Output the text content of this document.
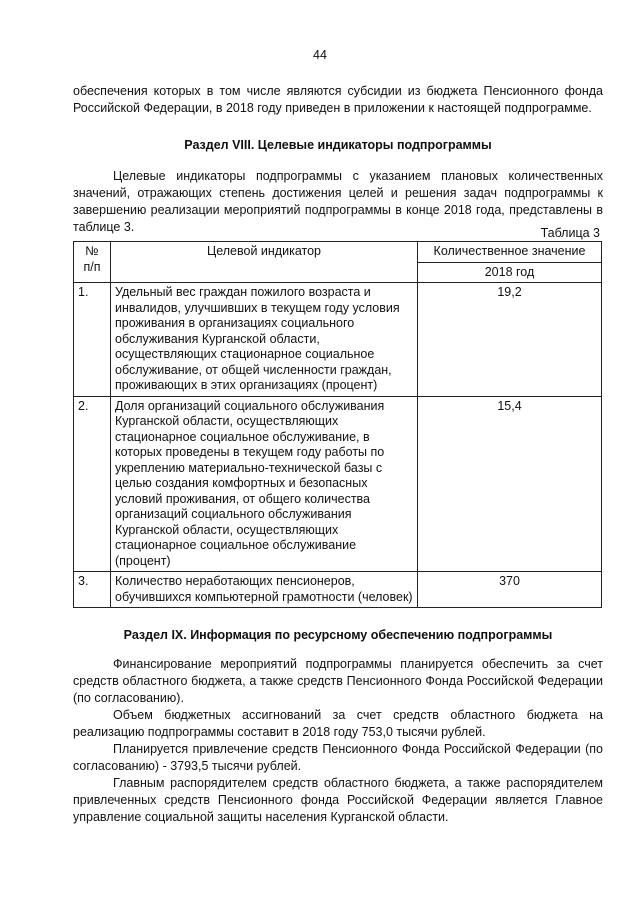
44
обеспечения которых в том числе являются субсидии из бюджета Пенсионного фонда Российской Федерации, в 2018 году приведен в приложении к настоящей подпрограмме.
Раздел VIII. Целевые индикаторы подпрограммы
Целевые индикаторы подпрограммы с указанием плановых количественных значений, отражающих степень достижения целей и решения задач подпрограммы к завершению реализации мероприятий подпрограммы в конце 2018 года, представлены в таблице 3.	Таблица 3
№
п/п	Целевой индикатор	Количественное значение
		2018 год
1.	Удельный вес граждан пожилого возраста и инвалидов, улучшивших в текущем году условия проживания в организациях социального обслуживания Курганской области, осуществляющих стационарное социальное обслуживание, от общей численности граждан, проживающих в этих организациях (процент)	19,2
2.	Доля организаций социального обслуживания Курганской области, осуществляющих стационарное социальное обслуживание, в которых проведены в текущем году работы по укреплению материально-технической базы с целью создания комфортных и безопасных условий проживания, от общего количества организаций социального обслуживания Курганской области, осуществляющих стационарное социальное обслуживание (процент)	15,4
3.	Количество неработающих пенсионеров, обучившихся компьютерной грамотности (человек)	370
Раздел IX. Информация по ресурсному обеспечению подпрограммы
Финансирование мероприятий подпрограммы планируется обеспечить за счет средств областного бюджета, а также средств Пенсионного Фонда Российской Федерации (по согласованию).
Объем бюджетных ассигнований за счет средств областного бюджета на реализацию подпрограммы составит в 2018 году 753,0 тысячи рублей.
Планируется привлечение средств Пенсионного Фонда Российской Федерации (по согласованию) - 3793,5 тысячи рублей.
Главным распорядителем средств областного бюджета, а также распорядителем привлеченных средств Пенсионного фонда Российской Федерации является Главное управление социальной защиты населения Курганской области.
